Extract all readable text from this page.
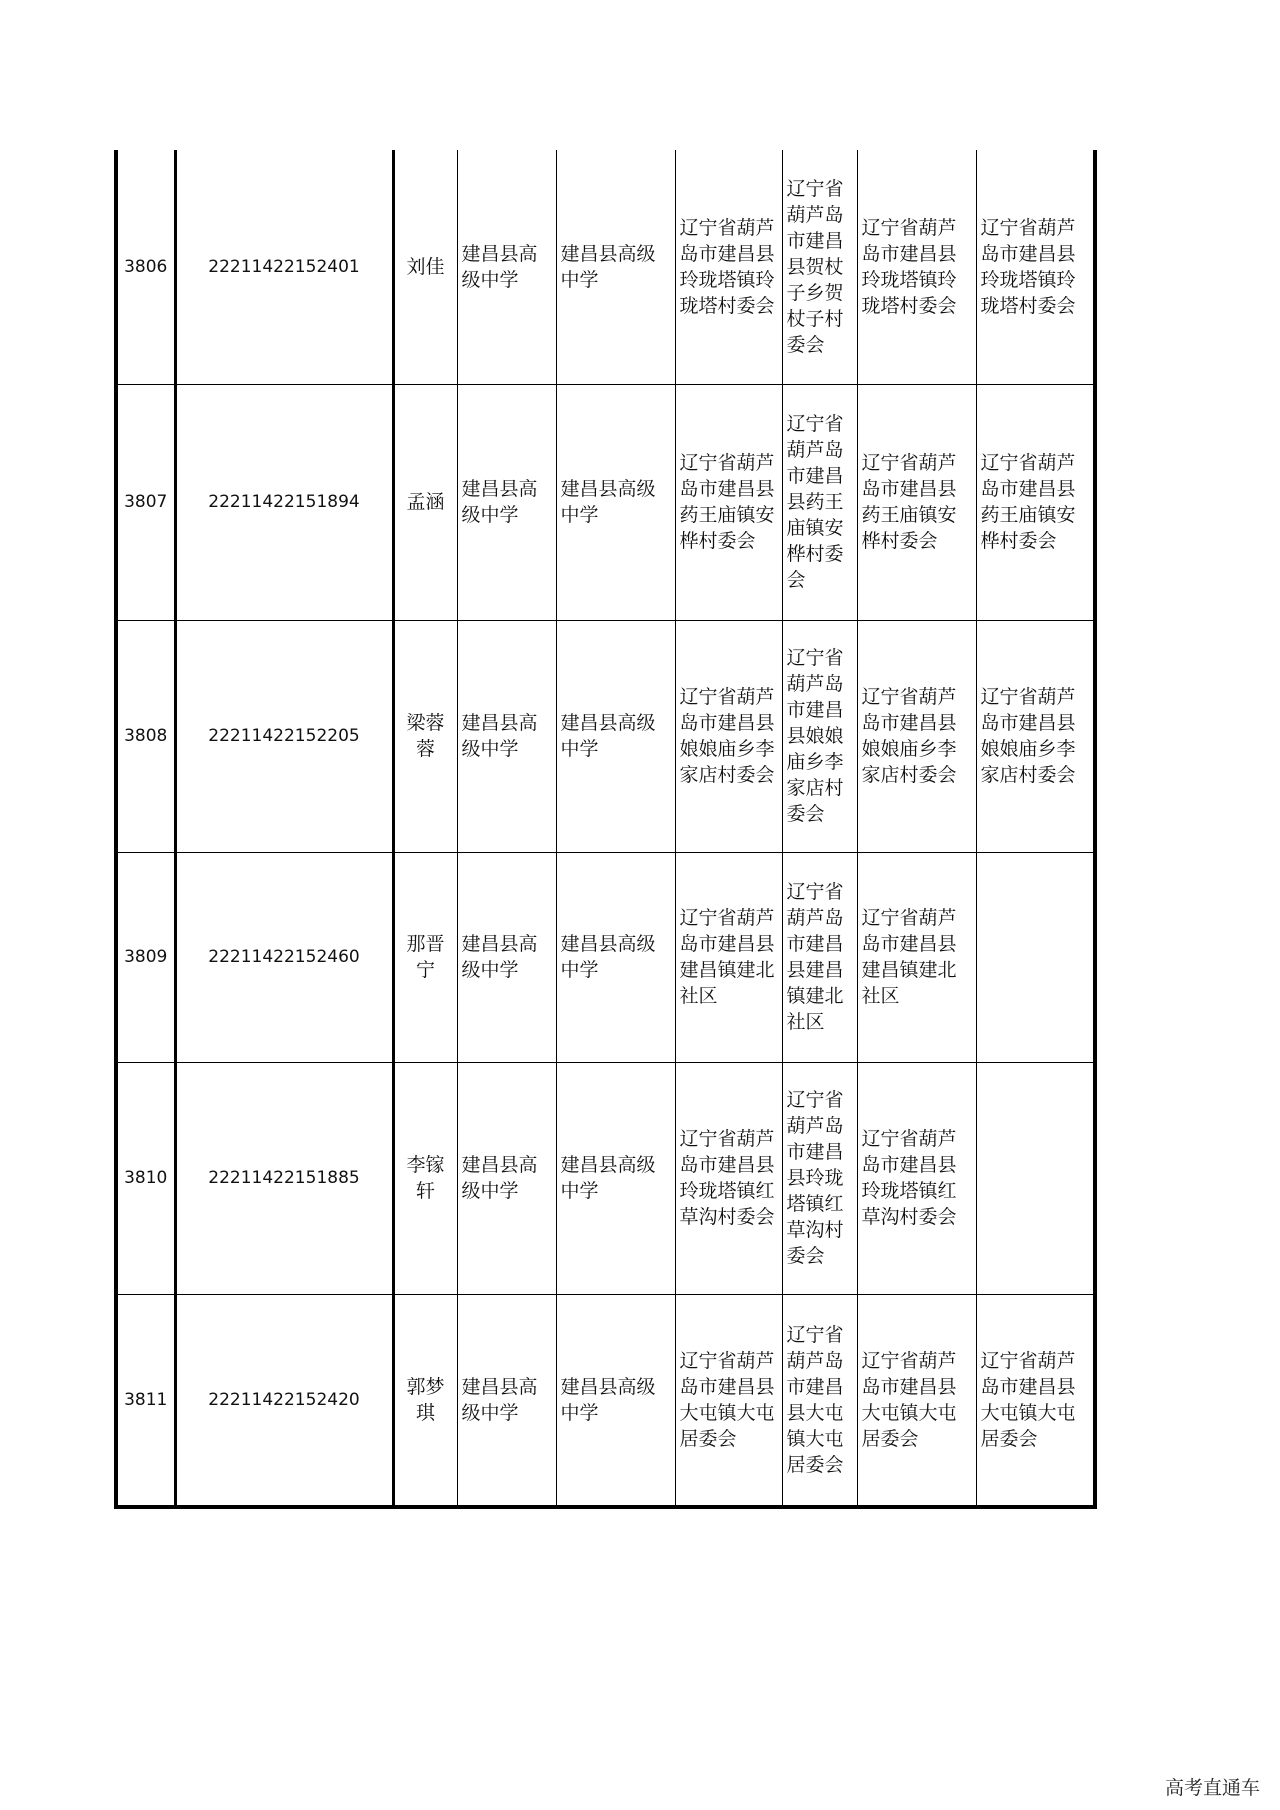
3806	22211422152401	刘佳	建昌县高级中学	建昌县高级中学	辽宁省葫芦岛市建昌县玲珑塔镇玲珑塔村委会	辽宁省葫芦岛市建昌县贺杖子乡贺杖子村委会	辽宁省葫芦岛市建昌县玲珑塔镇玲珑塔村委会	辽宁省葫芦岛市建昌县玲珑塔镇玲珑塔村委会
3807	22211422151894	孟涵	建昌县高级中学	建昌县高级中学	辽宁省葫芦岛市建昌县药王庙镇安桦村委会	辽宁省葫芦岛市建昌县药王庙镇安桦村委会	辽宁省葫芦岛市建昌县药王庙镇安桦村委会	辽宁省葫芦岛市建昌县药王庙镇安桦村委会
3808	22211422152205	梁蓉蓉	建昌县高级中学	建昌县高级中学	辽宁省葫芦岛市建昌县娘娘庙乡李家店村委会	辽宁省葫芦岛市建昌县娘娘庙乡李家店村委会	辽宁省葫芦岛市建昌县娘娘庙乡李家店村委会	辽宁省葫芦岛市建昌县娘娘庙乡李家店村委会
3809	22211422152460	那晋宁	建昌县高级中学	建昌县高级中学	辽宁省葫芦岛市建昌县建昌镇建北社区	辽宁省葫芦岛市建昌县建昌镇建北社区	辽宁省葫芦岛市建昌县建昌镇建北社区	
3810	22211422151885	李镓轩	建昌县高级中学	建昌县高级中学	辽宁省葫芦岛市建昌县玲珑塔镇红草沟村委会	辽宁省葫芦岛市建昌县玲珑塔镇红草沟村委会	辽宁省葫芦岛市建昌县玲珑塔镇红草沟村委会	
3811	22211422152420	郭梦琪	建昌县高级中学	建昌县高级中学	辽宁省葫芦岛市建昌县大屯镇大屯居委会	辽宁省葫芦岛市建昌县大屯镇大屯居委会	辽宁省葫芦岛市建昌县大屯镇大屯居委会	辽宁省葫芦岛市建昌县大屯镇大屯居委会
高考直通车
